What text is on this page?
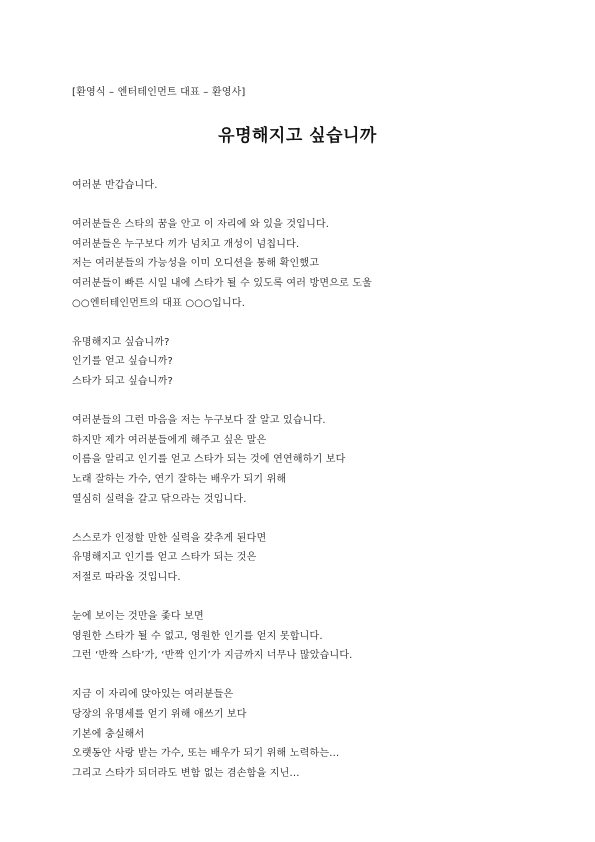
[환영식 – 엔터테인먼트 대표 – 환영사]
유명해지고 싶습니까
여러분 반갑습니다.
여러분들은 스타의 꿈을 안고 이 자리에 와 있을 것입니다.
여러분들은 누구보다 끼가 넘치고 개성이 넘칩니다.
저는 여러분들의 가능성을 이미 오디션을 통해 확인했고
여러분들이 빠른 시일 내에 스타가 될 수 있도록 여러 방면으로 도울
○○엔터테인먼트의 대표 ○○○입니다.
유명해지고 싶습니까?
인기를 얻고 싶습니까?
스타가 되고 싶습니까?
여러분들의 그런 마음을 저는 누구보다 잘 알고 있습니다.
하지만 제가 여러분들에게 해주고 싶은 말은
이름을 알리고 인기를 얻고 스타가 되는 것에 연연해하기 보다
노래 잘하는 가수, 연기 잘하는 배우가 되기 위해
열심히 실력을 갈고 닦으라는 것입니다.
스스로가 인정할 만한 실력을 갖추게 된다면
유명해지고 인기를 얻고 스타가 되는 것은
저절로 따라올 것입니다.
눈에 보이는 것만을 좇다 보면
영원한 스타가 될 수 없고, 영원한 인기를 얻지 못합니다.
그런 ‘반짝 스타’가, ‘반짝 인기’가 지금까지 너무나 많았습니다.
지금 이 자리에 앉아있는 여러분들은
당장의 유명세를 얻기 위해 애쓰기 보다
기본에 충실해서
오랫동안 사랑 받는 가수, 또는 배우가 되기 위해 노력하는...
그리고 스타가 되더라도 변함 없는 겸손함을 지닌...
